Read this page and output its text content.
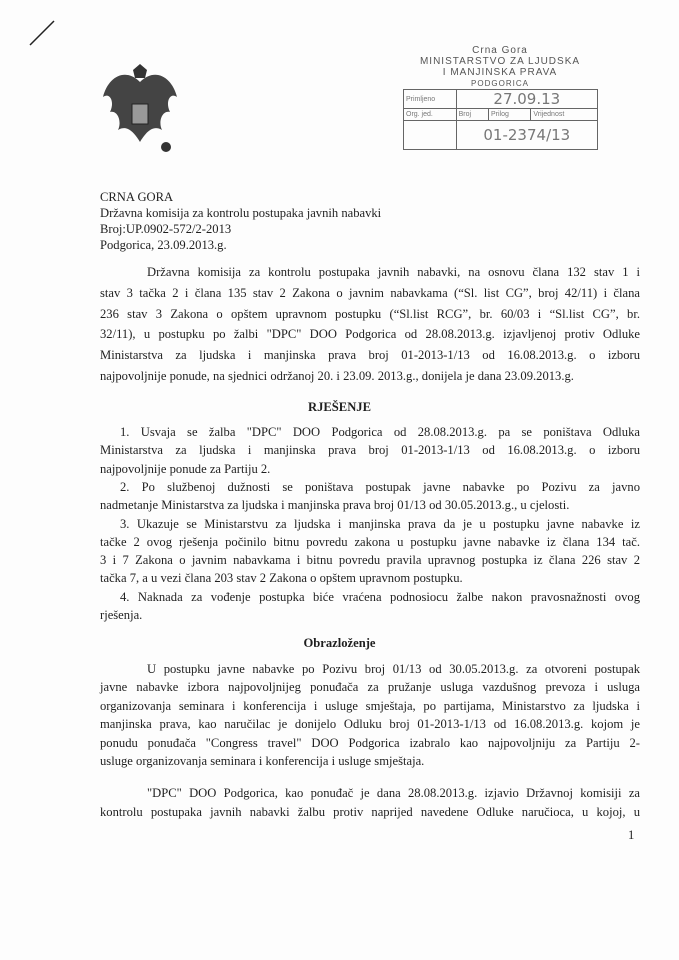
Crna Gora
MINISTARSTVO ZA LJUDSKA
I MANJINSKA PRAVA
PODGORICA
Primljeno	27.09.13		
Org. jed.	Broj	Prilog	Vrijednost
	01-2374/13		
CRNA GORA
Državna komisija za kontrolu postupaka javnih nabavki
Broj:UP.0902-572/2-2013
Podgorica, 23.09.2013.g.
Državna komisija za kontrolu postupaka javnih nabavki, na osnovu člana 132 stav 1 i
stav 3 tačka 2 i člana 135 stav 2 Zakona o javnim nabavkama (“Sl. list CG”, broj 42/11) i člana
236 stav 3 Zakona o opštem upravnom postupku (“Sl.list RCG”, br. 60/03 i “Sl.list CG”, br.
32/11), u postupku po žalbi "DPC" DOO Podgorica od 28.08.2013.g. izjavljenoj protiv Odluke
Ministarstva za ljudska i manjinska prava broj 01-2013-1/13 od 16.08.2013.g. o izboru
najpovoljnije ponude, na sjednici održanoj 20. i 23.09. 2013.g., donijela je dana 23.09.2013.g.
RJEŠENJE
1. Usvaja se žalba "DPC" DOO Podgorica od 28.08.2013.g. pa se poništava Odluka
Ministarstva za ljudska i manjinska prava broj 01-2013-1/13 od 16.08.2013.g. o izboru
najpovoljnije ponude za Partiju 2.
2. Po službenoj dužnosti se poništava postupak javne nabavke po Pozivu za javno
nadmetanje Ministarstva za ljudska i manjinska prava broj 01/13 od 30.05.2013.g., u cjelosti.
3. Ukazuje se Ministarstvu za ljudska i manjinska prava da je u postupku javne nabavke iz
tačke 2 ovog rješenja počinilo bitnu povredu zakona u postupku javne nabavke iz člana 134 tač.
3 i 7 Zakona o javnim nabavkama i bitnu povredu pravila upravnog postupka iz člana 226 stav 2
tačka 7, a u vezi člana 203 stav 2 Zakona o opštem upravnom postupku.
4. Naknada za vođenje postupka biće vraćena podnosiocu žalbe nakon pravosnažnosti ovog
rješenja.
Obrazloženje
U postupku javne nabavke po Pozivu broj 01/13 od 30.05.2013.g. za otvoreni postupak
javne nabavke izbora najpovoljnijeg ponuđača za pružanje usluga vazdušnog prevoza i usluga
organizovanja seminara i konferencija i usluge smještaja, po partijama, Ministarstvo za ljudska i
manjinska prava, kao naručilac je donijelo Odluku broj 01-2013-1/13 od 16.08.2013.g. kojom je
ponudu ponuđača "Congress travel" DOO Podgorica izabralo kao najpovoljniju za Partiju 2-
usluge organizovanja seminara i konferencija i usluge smještaja.
"DPC" DOO Podgorica, kao ponuđač je dana 28.08.2013.g. izjavio Državnoj komisiji za
kontrolu postupaka javnih nabavki žalbu protiv naprijed navedene Odluke naručioca, u kojoj, u
1
